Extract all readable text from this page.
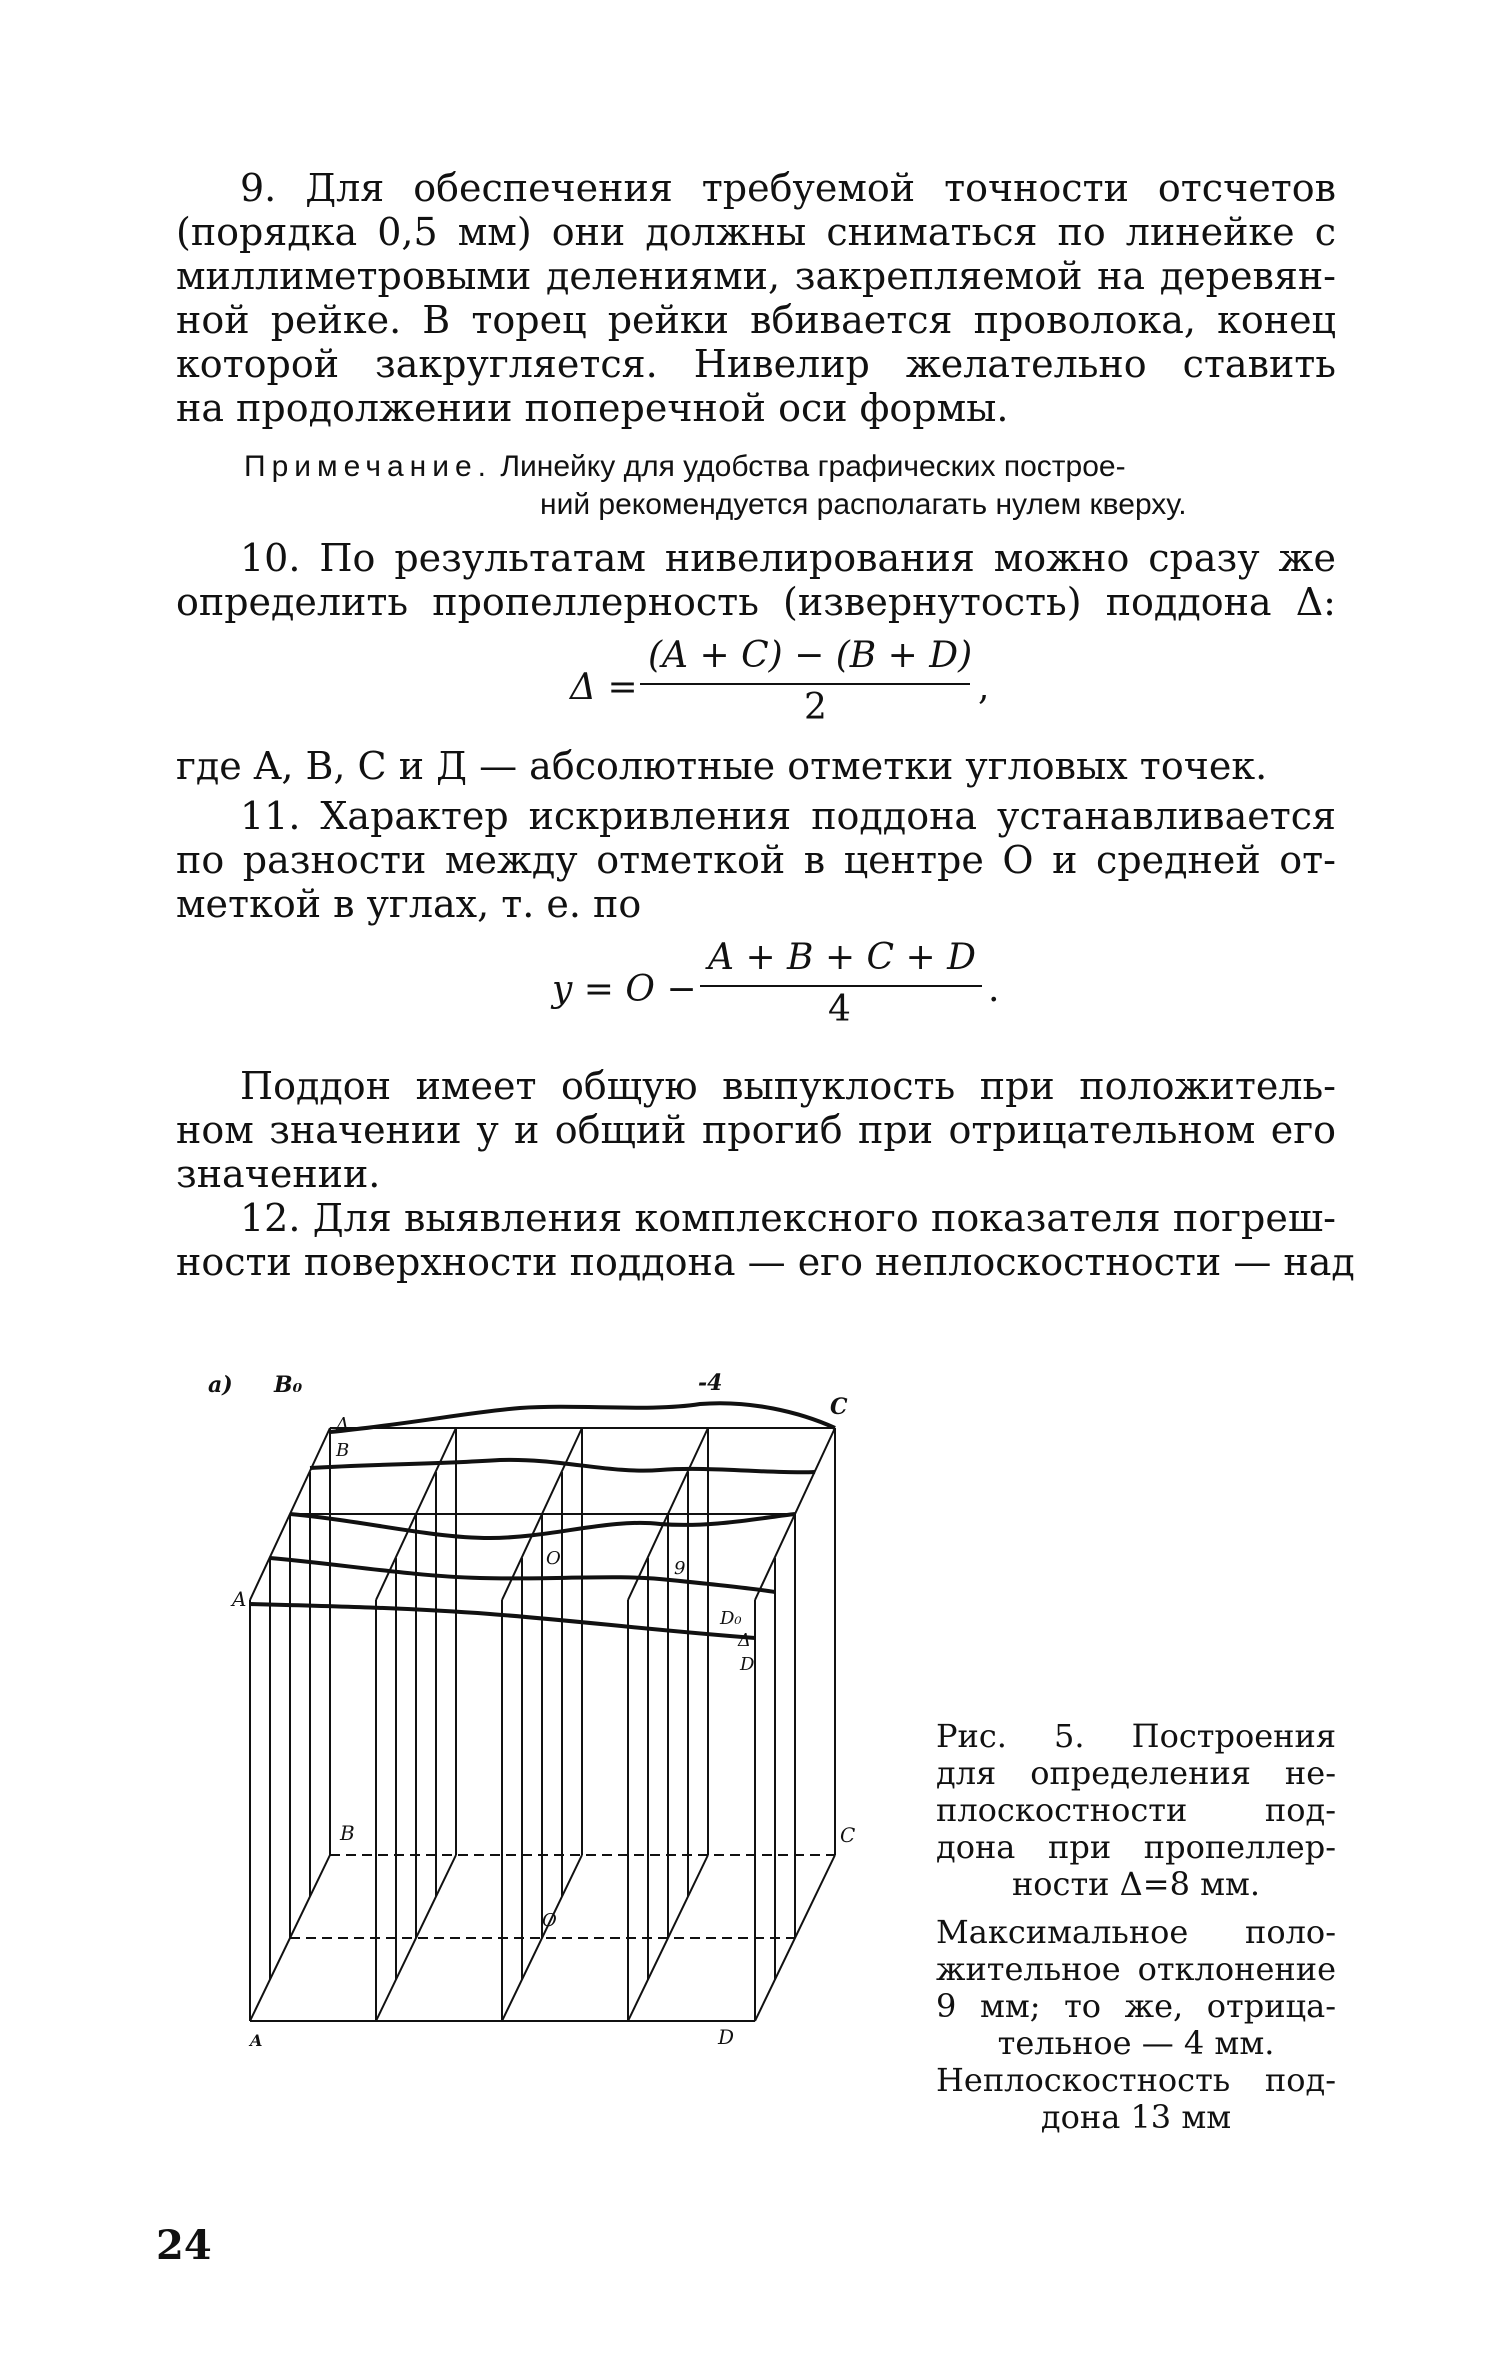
9. Для обеспечения требуемой точности отсчетов
(порядка 0,5 мм) они должны сниматься по линейке с
миллиметровыми делениями, закрепляемой на деревян-
ной рейке. В торец рейки вбивается проволока, конец
которой закругляется. Нивелир желательно ставить
на продолжении поперечной оси формы.
Примечание. Линейку для удобства графических построе-
ний рекомендуется располагать нулем кверху.
10. По результатам нивелирования можно сразу же
определить пропеллерность (извернутость) поддона Δ:
Δ =
(A + C) − (B + D)
2	,
где A, B, C и Д — абсолютные отметки угловых точек.
11. Характер искривления поддона устанавливается
по разности между отметкой в центре O и средней от-
меткой в углах, т. е. по
y = O −
A + B + C + D
4	.
Поддон имеет общую выпуклость при положитель-
ном значении y и общий прогиб при отрицательном его
значении.
12. Для выявления комплексного показателя погреш-
ности поверхности поддона — его неплоскостности — над
а) B₀	-4
C
Δ
B
A
O	9
D₀
Δ
D
B	C
O
A	D
Рис. 5. Построения
для определения не-
плоскостности под-
дона при пропеллер-
ности Δ=8 мм.
Максимальное поло-
жительное отклонение
9 мм; то же, отрица-
тельное — 4 мм.
Неплоскостность под-
дона 13 мм
24
